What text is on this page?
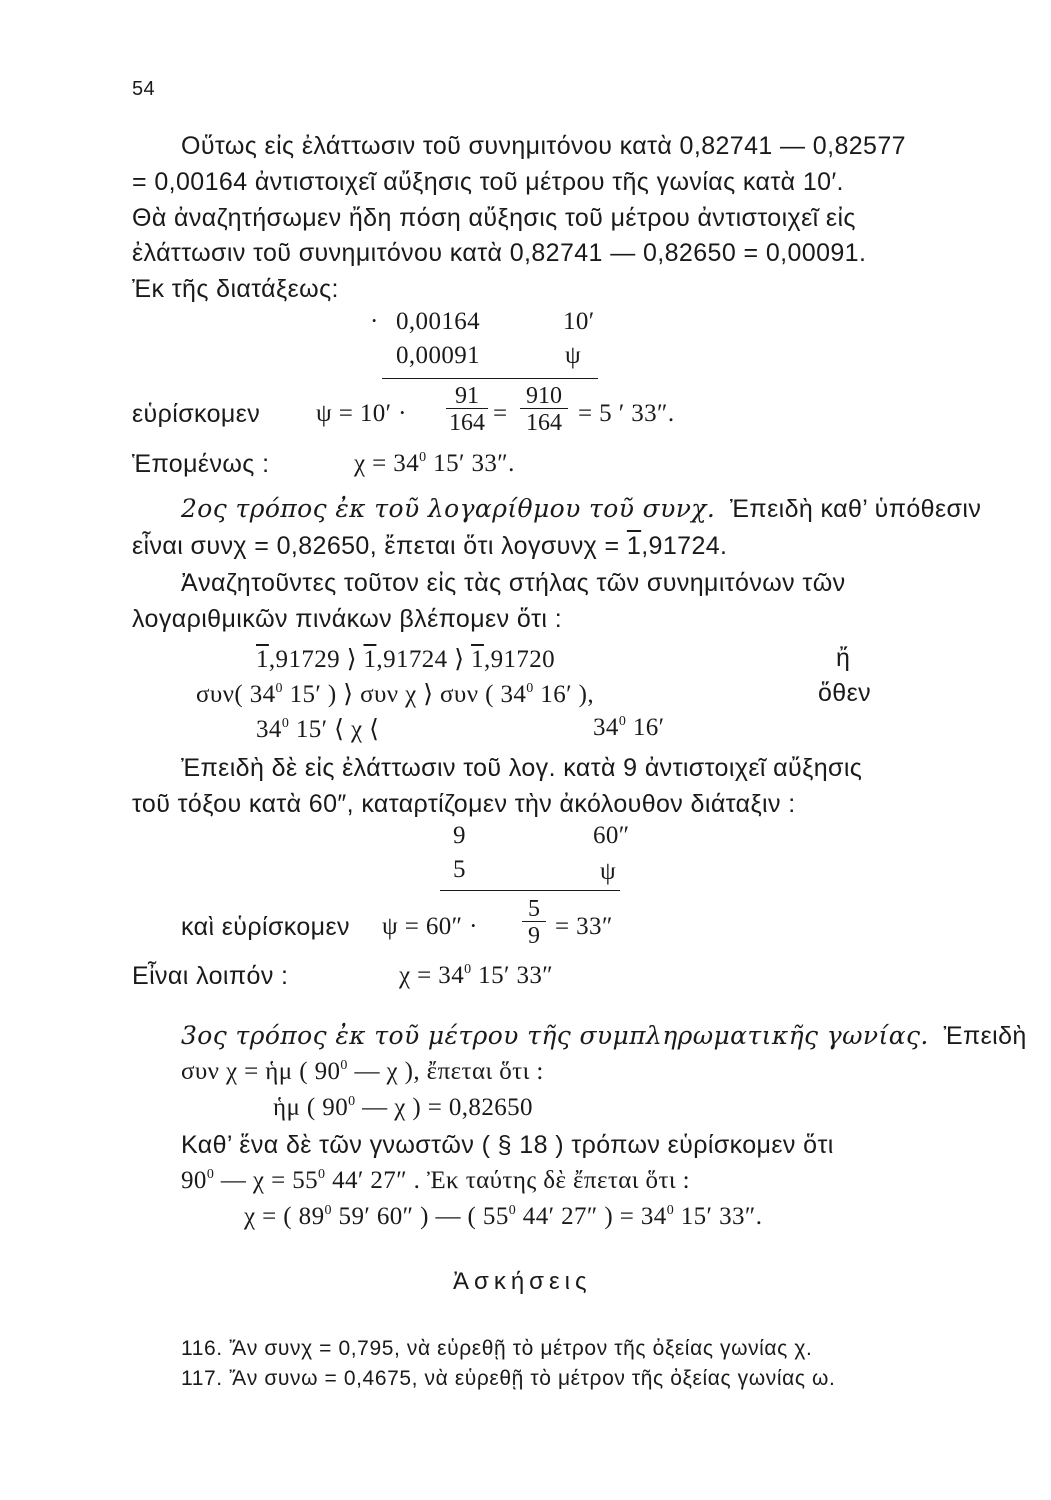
54
Οὕτως εἰς ἐλάττωσιν τοῦ συνημιτόνου κατὰ 0,82741 — 0,82577
= 0,00164 ἀντιστοιχεῖ αὔξησις τοῦ μέτρου τῆς γωνίας κατὰ 10′.
Θὰ ἀναζητήσωμεν ἤδη πόση αὔξησις τοῦ μέτρου ἀντιστοιχεῖ εἰς
ἐλάττωσιν τοῦ συνημιτόνου κατὰ 0,82741 — 0,82650 = 0,00091.
Ἐκ τῆς διατάξεως:
· 0,00164	10′
0,00091	ψ
εὑρίσκομεν $\psi = 10' \cdot \frac{91}{164} = \frac{910}{164} = 5$ ′ 33″.
Ἑπομένως :	$\chi = 34^0$ 15′ 33″.
2ος τρόπος ἐκ τοῦ λογαρίθμου τοῦ συνχ. Ἐπειδὴ καθ’ ὑπόθεσιν
εἶναι συνχ = 0,82650, ἔπεται ὅτι λογσυνχ = 1,91724.
Ἀναζητοῦντες τοῦτον εἰς τὰς στήλας τῶν συνημιτόνων τῶν
λογαριθμικῶν πινάκων βλέπομεν ὅτι :
1,91729 ⟩ 1,91724 ⟩ 1,91720	ἤ
συν( $34^0$ 15′ ) ⟩ συν χ ⟩ συν ( $34^0$ 16′ ),	ὅθεν
$34^0$ 15′ ⟨ χ ⟨	$34^0$ 16′
Ἐπειδὴ δὲ εἰς ἐλάττωσιν τοῦ λογ. κατὰ 9 ἀντιστοιχεῖ αὔξησις
τοῦ τόξου κατὰ 60″, καταρτίζομεν τὴν ἀκόλουθον διάταξιν :
9	60″
5	ψ
καὶ εὑρίσκομεν $\psi = 60'' \cdot \frac{5}{9} = 33''$
Εἶναι λοιπόν :	$\chi = 34^0$ 15′ 33″
3ος τρόπος ἐκ τοῦ μέτρου τῆς συμπληρωματικῆς γωνίας. Ἐπειδὴ
συν χ = ἡμ ( $90^0$ — χ ), ἔπεται ὅτι :
ἡμ ( $90^0$ — χ ) = 0,82650
Καθ’ ἕνα δὲ τῶν γνωστῶν ( § 18 ) τρόπων εὑρίσκομεν ὅτι
$90^0$ — $\chi = 55^0$ 44′ 27″ . Ἐκ ταύτης δὲ ἔπεται ὅτι :
χ = ( $89^0$ 59′ 60″ ) — ( $55^0$ 44′ 27″ ) = $34^0$ 15′ 33″.
Ἀσκήσεις
116. Ἄν συνχ = 0,795, νὰ εὑρεθῇ τὸ μέτρον τῆς ὀξείας γωνίας χ.
117. Ἄν συνω = 0,4675, νὰ εὑρεθῇ τὸ μέτρον τῆς ὀξείας γωνίας ω.
